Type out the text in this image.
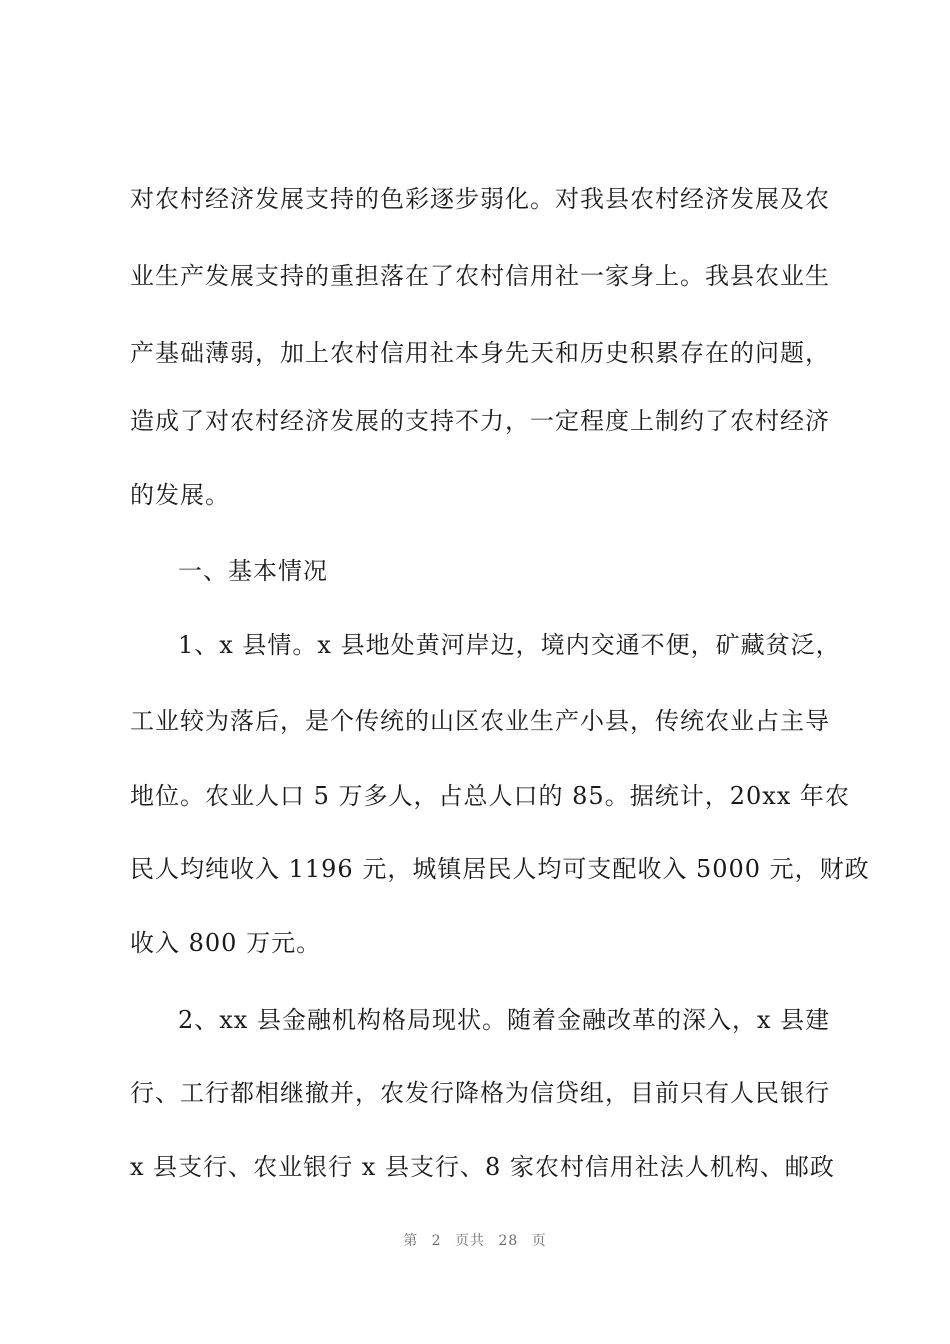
对农村经济发展支持的色彩逐步弱化。对我县农村经济发展及农
业生产发展支持的重担落在了农村信用社一家身上。我县农业生
产基础薄弱，加上农村信用社本身先天和历史积累存在的问题，
造成了对农村经济发展的支持不力，一定程度上制约了农村经济
的发展。
一、基本情况
1、x 县情。x 县地处黄河岸边，境内交通不便，矿藏贫泛，
工业较为落后，是个传统的山区农业生产小县，传统农业占主导
地位。农业人口 5 万多人，占总人口的 85。据统计，20xx 年农
民人均纯收入 1196 元，城镇居民人均可支配收入 5000 元，财政
收入 800 万元。
2、xx 县金融机构格局现状。随着金融改革的深入，x 县建
行、工行都相继撤并，农发行降格为信贷组，目前只有人民银行
x 县支行、农业银行 x 县支行、8 家农村信用社法人机构、邮政
第 2 页共 28 页
